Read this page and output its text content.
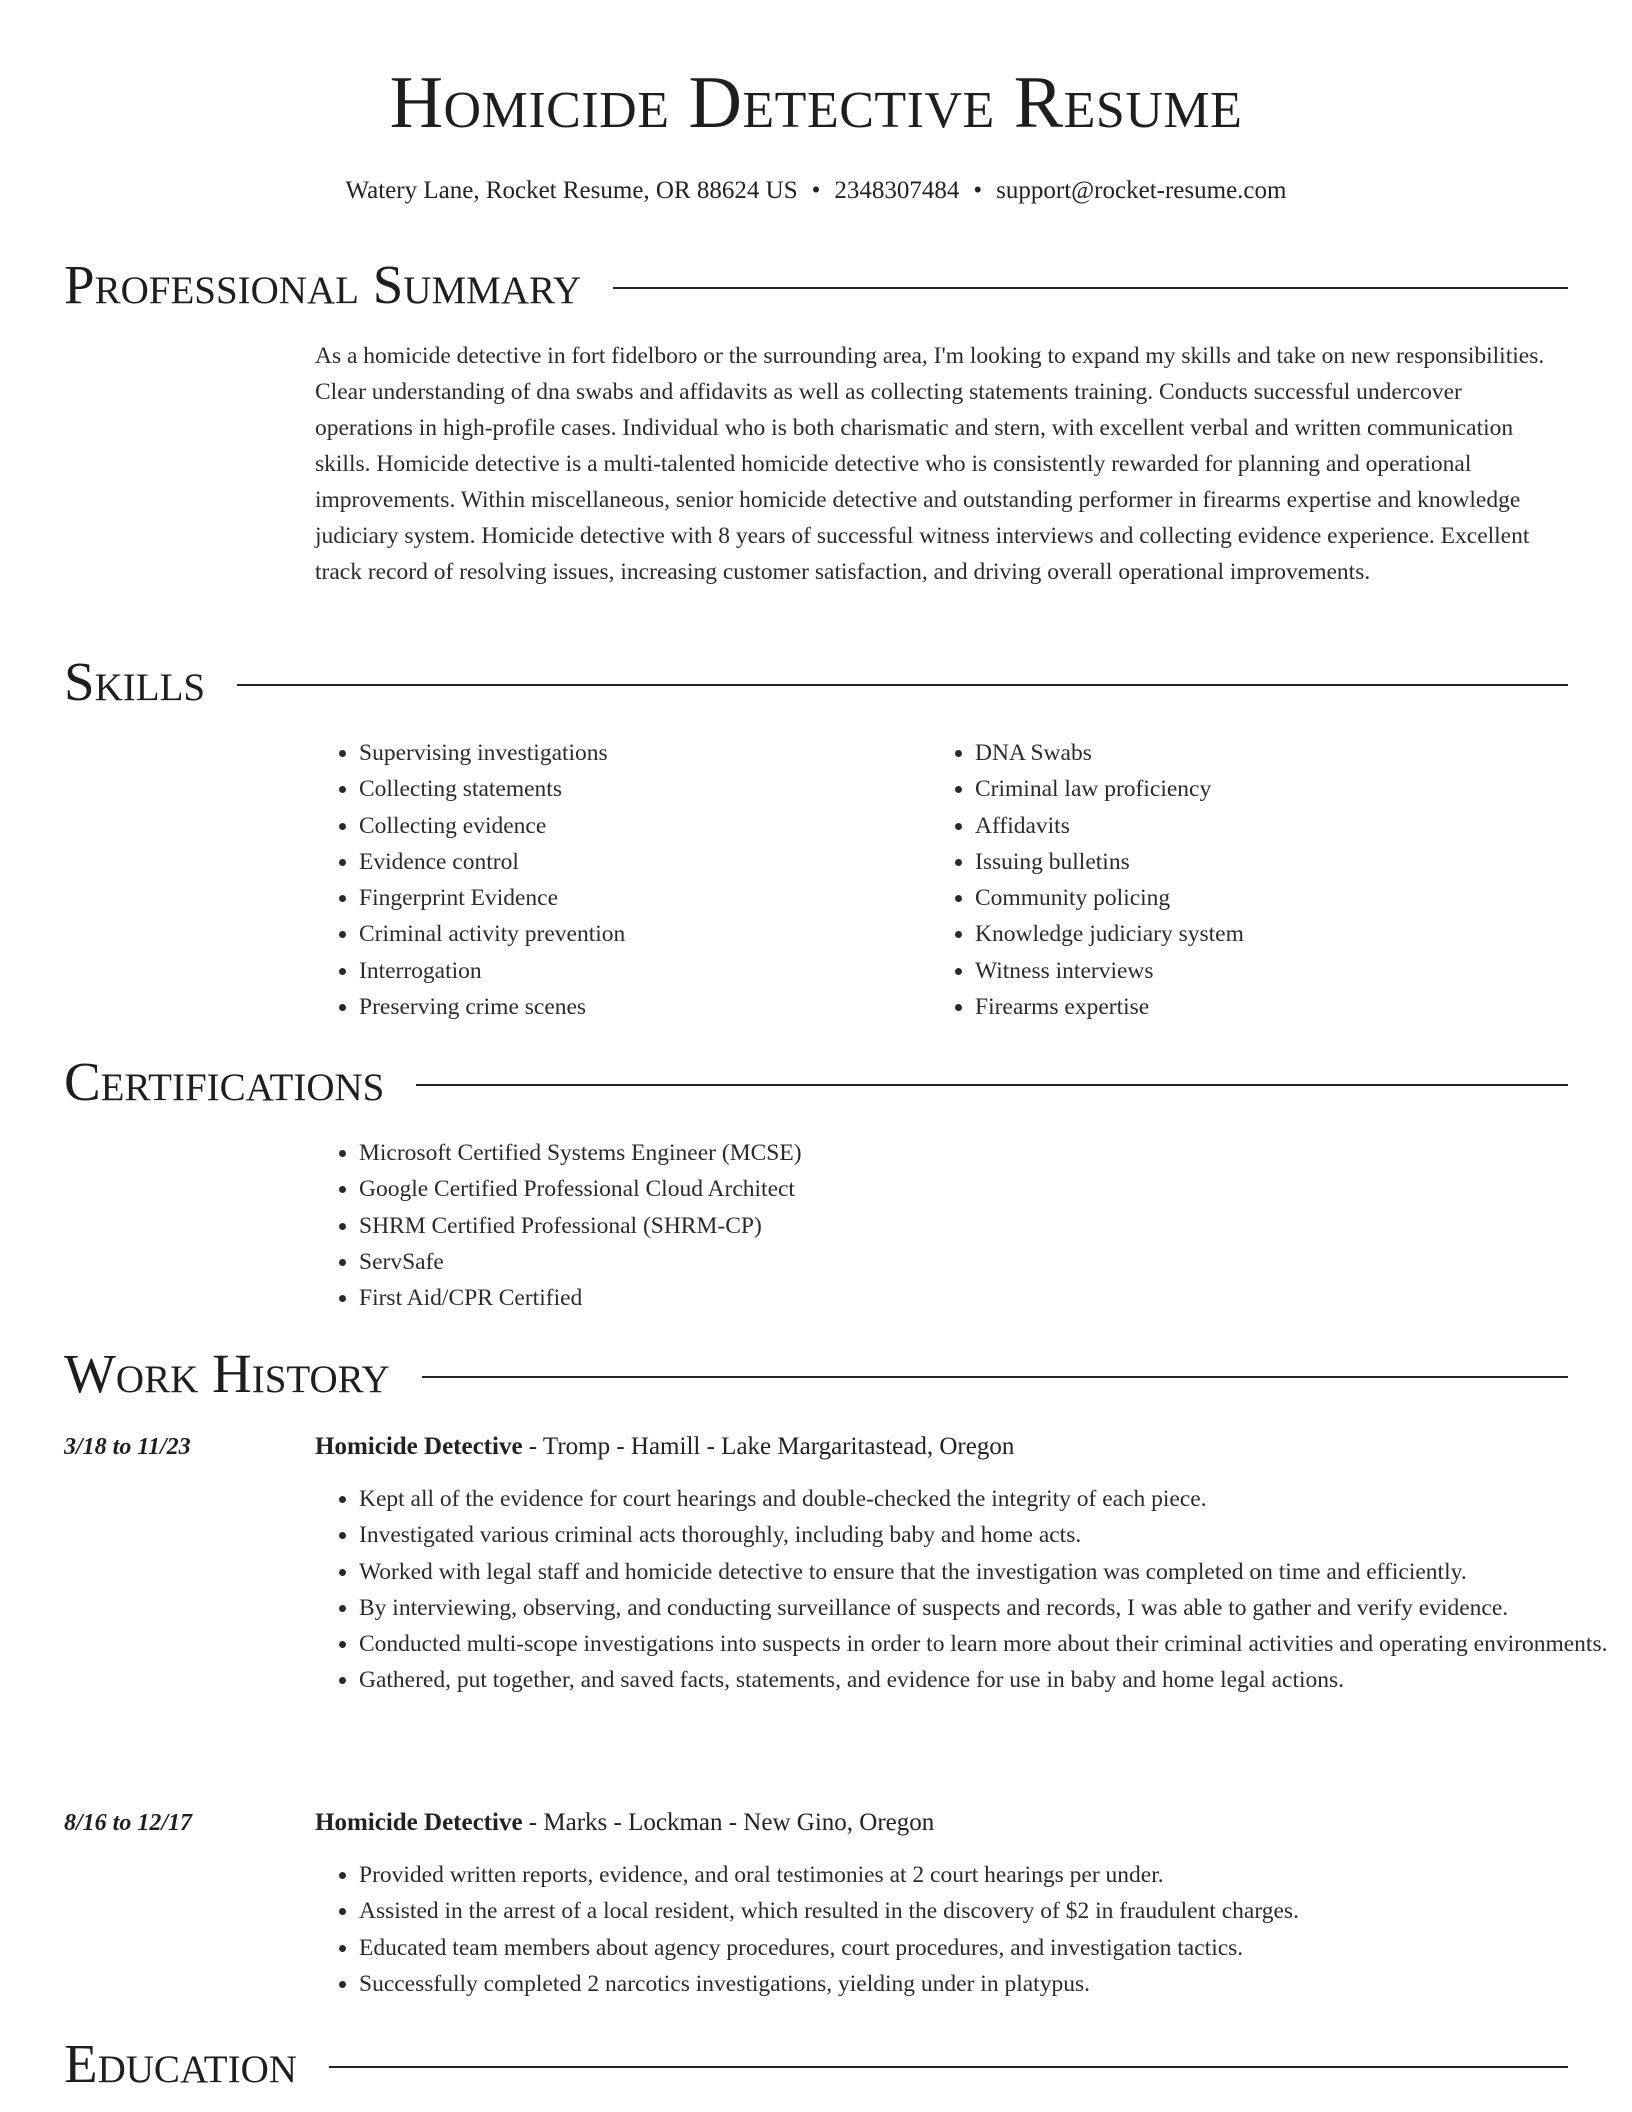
Homicide Detective Resume
Watery Lane, Rocket Resume, OR 88624 US • 2348307484 • support@rocket-resume.com
Professional Summary

As a homicide detective in fort fidelboro or the surrounding area, I'm looking to expand my skills and take on new responsibilities. Clear understanding of dna swabs and affidavits as well as collecting statements training. Conducts successful undercover operations in high-profile cases. Individual who is both charismatic and stern, with excellent verbal and written communication skills. Homicide detective is a multi-talented homicide detective who is consistently rewarded for planning and operational improvements. Within miscellaneous, senior homicide detective and outstanding performer in firearms expertise and knowledge judiciary system. Homicide detective with 8 years of successful witness interviews and collecting evidence experience. Excellent track record of resolving issues, increasing customer satisfaction, and driving overall operational improvements.

Skills
• Supervising investigations
• Collecting statements
• Collecting evidence
• Evidence control
• Fingerprint Evidence
• Criminal activity prevention
• Interrogation
• Preserving crime scenes
• DNA Swabs
• Criminal law proficiency
• Affidavits
• Issuing bulletins
• Community policing
• Knowledge judiciary system
• Witness interviews
• Firearms expertise
Certifications
• Microsoft Certified Systems Engineer (MCSE)
• Google Certified Professional Cloud Architect
• SHRM Certified Professional (SHRM-CP)
• ServSafe
• First Aid/CPR Certified
Work History
3/18 to 11/23	Homicide Detective - Tromp - Hamill - Lake Margaritastead, Oregon
• Kept all of the evidence for court hearings and double-checked the integrity of each piece.
• Investigated various criminal acts thoroughly, including baby and home acts.
• Worked with legal staff and homicide detective to ensure that the investigation was completed on time and efficiently.
• By interviewing, observing, and conducting surveillance of suspects and records, I was able to gather and verify evidence.
• Conducted multi-scope investigations into suspects in order to learn more about their criminal activities and operating environments.
• Gathered, put together, and saved facts, statements, and evidence for use in baby and home legal actions.
8/16 to 12/17	Homicide Detective - Marks - Lockman - New Gino, Oregon
• Provided written reports, evidence, and oral testimonies at 2 court hearings per under.
• Assisted in the arrest of a local resident, which resulted in the discovery of $2 in fraudulent charges.
• Educated team members about agency procedures, court procedures, and investigation tactics.
• Successfully completed 2 narcotics investigations, yielding under in platypus.
Education
